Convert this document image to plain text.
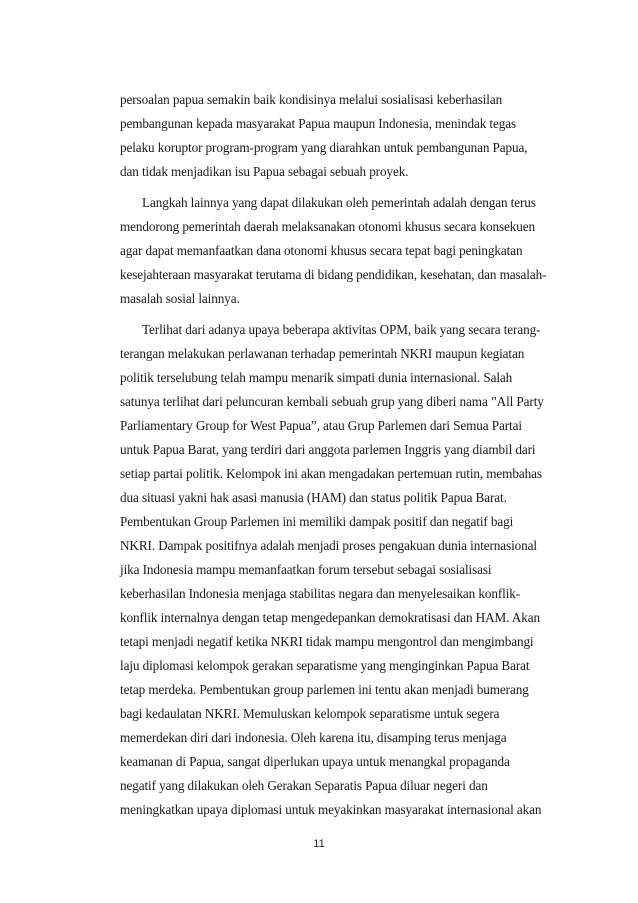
persoalan papua semakin baik kondisinya melalui sosialisasi keberhasilan
pembangunan kepada masyarakat Papua maupun Indonesia, menindak tegas
pelaku koruptor program-program yang diarahkan untuk pembangunan Papua,
dan tidak menjadikan isu Papua sebagai sebuah proyek.
Langkah lainnya yang dapat dilakukan oleh pemerintah adalah dengan terus
mendorong pemerintah daerah melaksanakan otonomi khusus secara konsekuen
agar dapat memanfaatkan dana otonomi khusus secara tepat bagi peningkatan
kesejahteraan masyarakat terutama di bidang pendidikan, kesehatan, dan masalah-
masalah sosial lainnya.
Terlihat dari adanya upaya beberapa aktivitas OPM, baik yang secara terang-
terangan melakukan perlawanan terhadap pemerintah NKRI maupun kegiatan
politik terselubung telah mampu menarik simpati dunia internasional. Salah
satunya terlihat dari peluncuran kembali sebuah grup yang diberi nama ”All Party
Parliamentary Group for West Papua”, atau Grup Parlemen dari Semua Partai
untuk Papua Barat, yang terdiri dari anggota parlemen Inggris yang diambil dari
setiap partai politik. Kelompok ini akan mengadakan pertemuan rutin, membahas
dua situasi yakni hak asasi manusia (HAM) dan status politik Papua Barat.
Pembentukan Group Parlemen ini memiliki dampak positif dan negatif bagi
NKRI. Dampak positifnya adalah menjadi proses pengakuan dunia internasional
jika Indonesia mampu memanfaatkan forum tersebut sebagai sosialisasi
keberhasilan Indonesia menjaga stabilitas negara dan menyelesaikan konflik-
konflik internalnya dengan tetap mengedepankan demokratisasi dan HAM. Akan
tetapi menjadi negatif ketika NKRI tidak mampu mengontrol dan mengimbangi
laju diplomasi kelompok gerakan separatisme yang menginginkan Papua Barat
tetap merdeka. Pembentukan group parlemen ini tentu akan menjadi bumerang
bagi kedaulatan NKRI. Memuluskan kelompok separatisme untuk segera
memerdekan diri dari indonesia. Oleh karena itu, disamping terus menjaga
keamanan di Papua, sangat diperlukan upaya untuk menangkal propaganda
negatif yang dilakukan oleh Gerakan Separatis Papua diluar negeri dan
meningkatkan upaya diplomasi untuk meyakinkan masyarakat internasional akan
11
